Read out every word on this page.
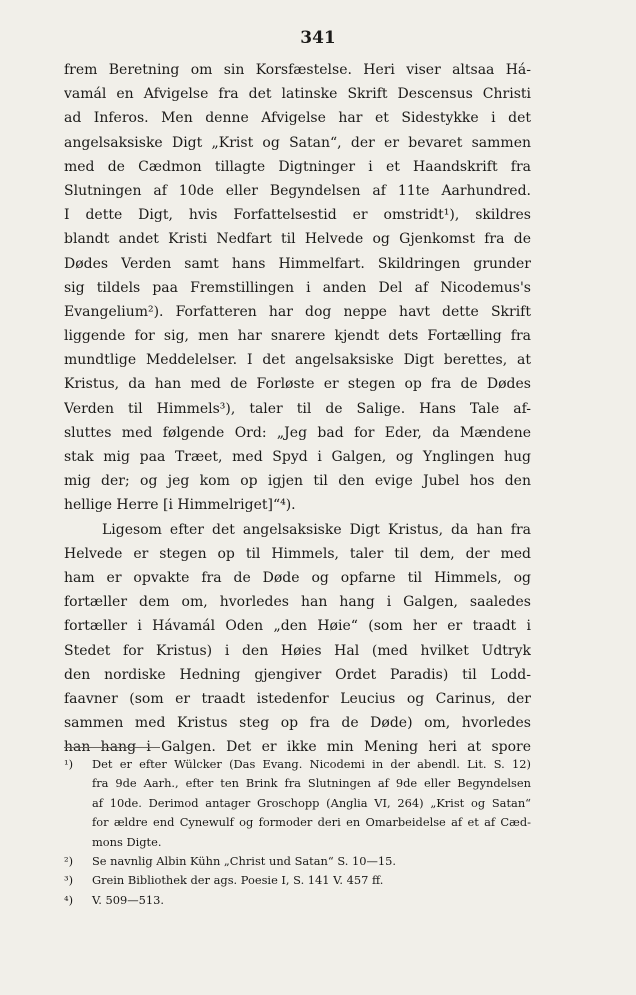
341
frem Beretning om sin Korsfæstelse. Heri viser altsaa Há-
vamál en Afvigelse fra det latinske Skrift Descensus Christi
ad Inferos. Men denne Afvigelse har et Sidestykke i det
angelsaksiske Digt „Krist og Satan“, der er bevaret sammen
med de Cædmon tillagte Digtninger i et Haandskrift fra
Slutningen af 10de eller Begyndelsen af 11te Aarhundred.
I dette Digt, hvis Forfattelsestid er omstridt¹), skildres
blandt andet Kristi Nedfart til Helvede og Gjenkomst fra de
Dødes Verden samt hans Himmelfart. Skildringen grunder
sig tildels paa Fremstillingen i anden Del af Nicodemus's
Evangelium²). Forfatteren har dog neppe havt dette Skrift
liggende for sig, men har snarere kjendt dets Fortælling fra
mundtlige Meddelelser. I det angelsaksiske Digt berettes, at
Kristus, da han med de Forløste er stegen op fra de Dødes
Verden til Himmels³), taler til de Salige. Hans Tale af-
sluttes med følgende Ord: „Jeg bad for Eder, da Mændene
stak mig paa Træet, med Spyd i Galgen, og Ynglingen hug
mig der; og jeg kom op igjen til den evige Jubel hos den
hellige Herre [i Himmelriget]“⁴).
Ligesom efter det angelsaksiske Digt Kristus, da han fra
Helvede er stegen op til Himmels, taler til dem, der med
ham er opvakte fra de Døde og opfarne til Himmels, og
fortæller dem om, hvorledes han hang i Galgen, saaledes
fortæller i Hávamál Oden „den Høie“ (som her er traadt i
Stedet for Kristus) i den Høies Hal (med hvilket Udtryk
den nordiske Hedning gjengiver Ordet Paradis) til Lodd-
faavner (som er traadt istedenfor Leucius og Carinus, der
sammen med Kristus steg op fra de Døde) om, hvorledes
han hang i Galgen. Det er ikke min Mening heri at spore
¹) Det er efter Wülcker (Das Evang. Nicodemi in der abendl. Lit. S. 12)
fra 9de Aarh., efter ten Brink fra Slutningen af 9de eller Begyndelsen
af 10de. Derimod antager Groschopp (Anglia VI, 264) „Krist og Satan“
for ældre end Cynewulf og formoder deri en Omarbeidelse af et af Cæd-
mons Digte.
²) Se navnlig Albin Kühn „Christ und Satan“ S. 10—15.
³) Grein Bibliothek der ags. Poesie I, S. 141 V. 457 ff.
⁴) V. 509—513.
